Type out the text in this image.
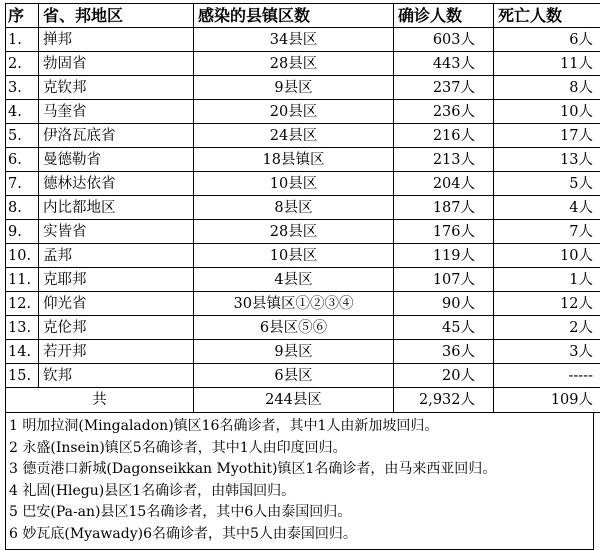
序	省、邦地区	感染的县镇区数	确诊人数	死亡人数
1.	掸邦	34县区	603人	6人
2.	勃固省	28县区	443人	11人
3.	克钦邦	9县区	237人	8人
4.	马奎省	20县区	236人	10人
5.	伊洛瓦底省	24县区	216人	17人
6.	曼德勒省	18县镇区	213人	13人
7.	德林达依省	10县区	204人	5人
8.	内比都地区	8县区	187人	4人
9.	实皆省	28县区	176人	7人
10.	孟邦	10县区	119人	10人
11.	克耶邦	4县区	107人	1人
12.	仰光省	30县镇区①②③④	90人	12人
13.	克伦邦	6县区⑤⑥	45人	2人
14.	若开邦	9县区	36人	3人
15.	钦邦	6县区	20人	-----
共		244县区	2,932人	109人
1 明加拉洞(Mingaladon)镇区16名确诊者，其中1人由新加坡回归。
2 永盛(Insein)镇区5名确诊者，其中1人由印度回归。
3 德贡港口新城(Dagonseikkan Myothit)镇区1名确诊者，由马来西亚回归。
4 礼固(Hlegu)县区1名确诊者，由韩国回归。
5 巴安(Pa-an)县区15名确诊者，其中6人由泰国回归。
6 妙瓦底(Myawady)6名确诊者，其中5人由泰国回归。
